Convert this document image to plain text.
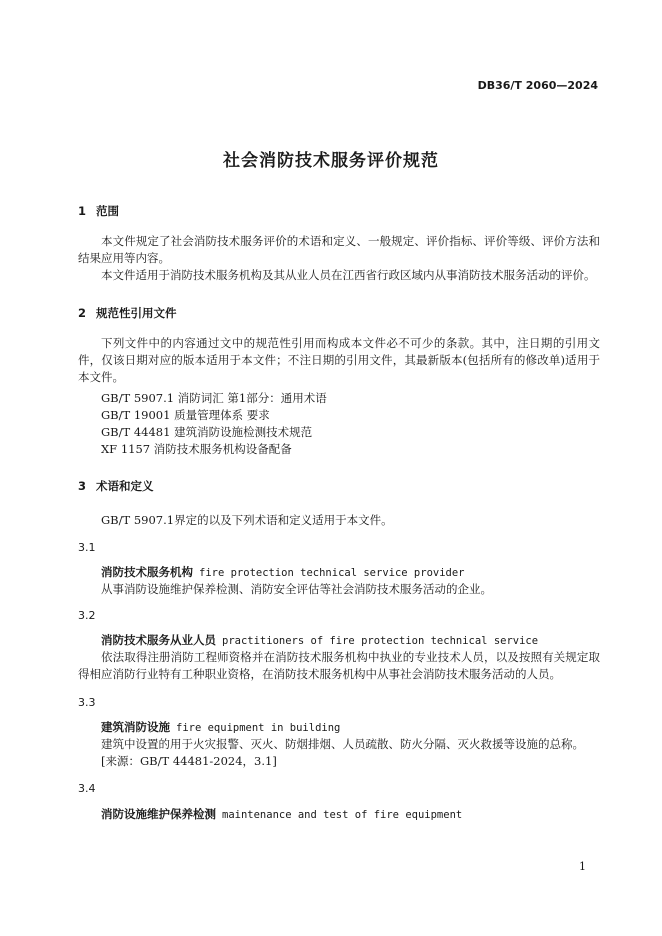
DB36/T 2060—2024
社会消防技术服务评价规范
1 范围
本文件规定了社会消防技术服务评价的术语和定义、一般规定、评价指标、评价等级、评价方法和结果应用等内容。
本文件适用于消防技术服务机构及其从业人员在江西省行政区域内从事消防技术服务活动的评价。
2 规范性引用文件
下列文件中的内容通过文中的规范性引用而构成本文件必不可少的条款。其中，注日期的引用文件，仅该日期对应的版本适用于本文件；不注日期的引用文件，其最新版本(包括所有的修改单)适用于本文件。
GB/T 5907.1 消防词汇 第1部分：通用术语
GB/T 19001 质量管理体系 要求
GB/T 44481 建筑消防设施检测技术规范
XF 1157 消防技术服务机构设备配备
3 术语和定义
GB/T 5907.1界定的以及下列术语和定义适用于本文件。
3.1
消防技术服务机构 fire protection technical service provider
从事消防设施维护保养检测、消防安全评估等社会消防技术服务活动的企业。
3.2
消防技术服务从业人员 practitioners of fire protection technical service
依法取得注册消防工程师资格并在消防技术服务机构中执业的专业技术人员，以及按照有关规定取得相应消防行业特有工种职业资格，在消防技术服务机构中从事社会消防技术服务活动的人员。
3.3
建筑消防设施 fire equipment in building
建筑中设置的用于火灾报警、灭火、防烟排烟、人员疏散、防火分隔、灭火救援等设施的总称。
[来源：GB/T 44481-2024，3.1]
3.4
消防设施维护保养检测 maintenance and test of fire equipment
1
